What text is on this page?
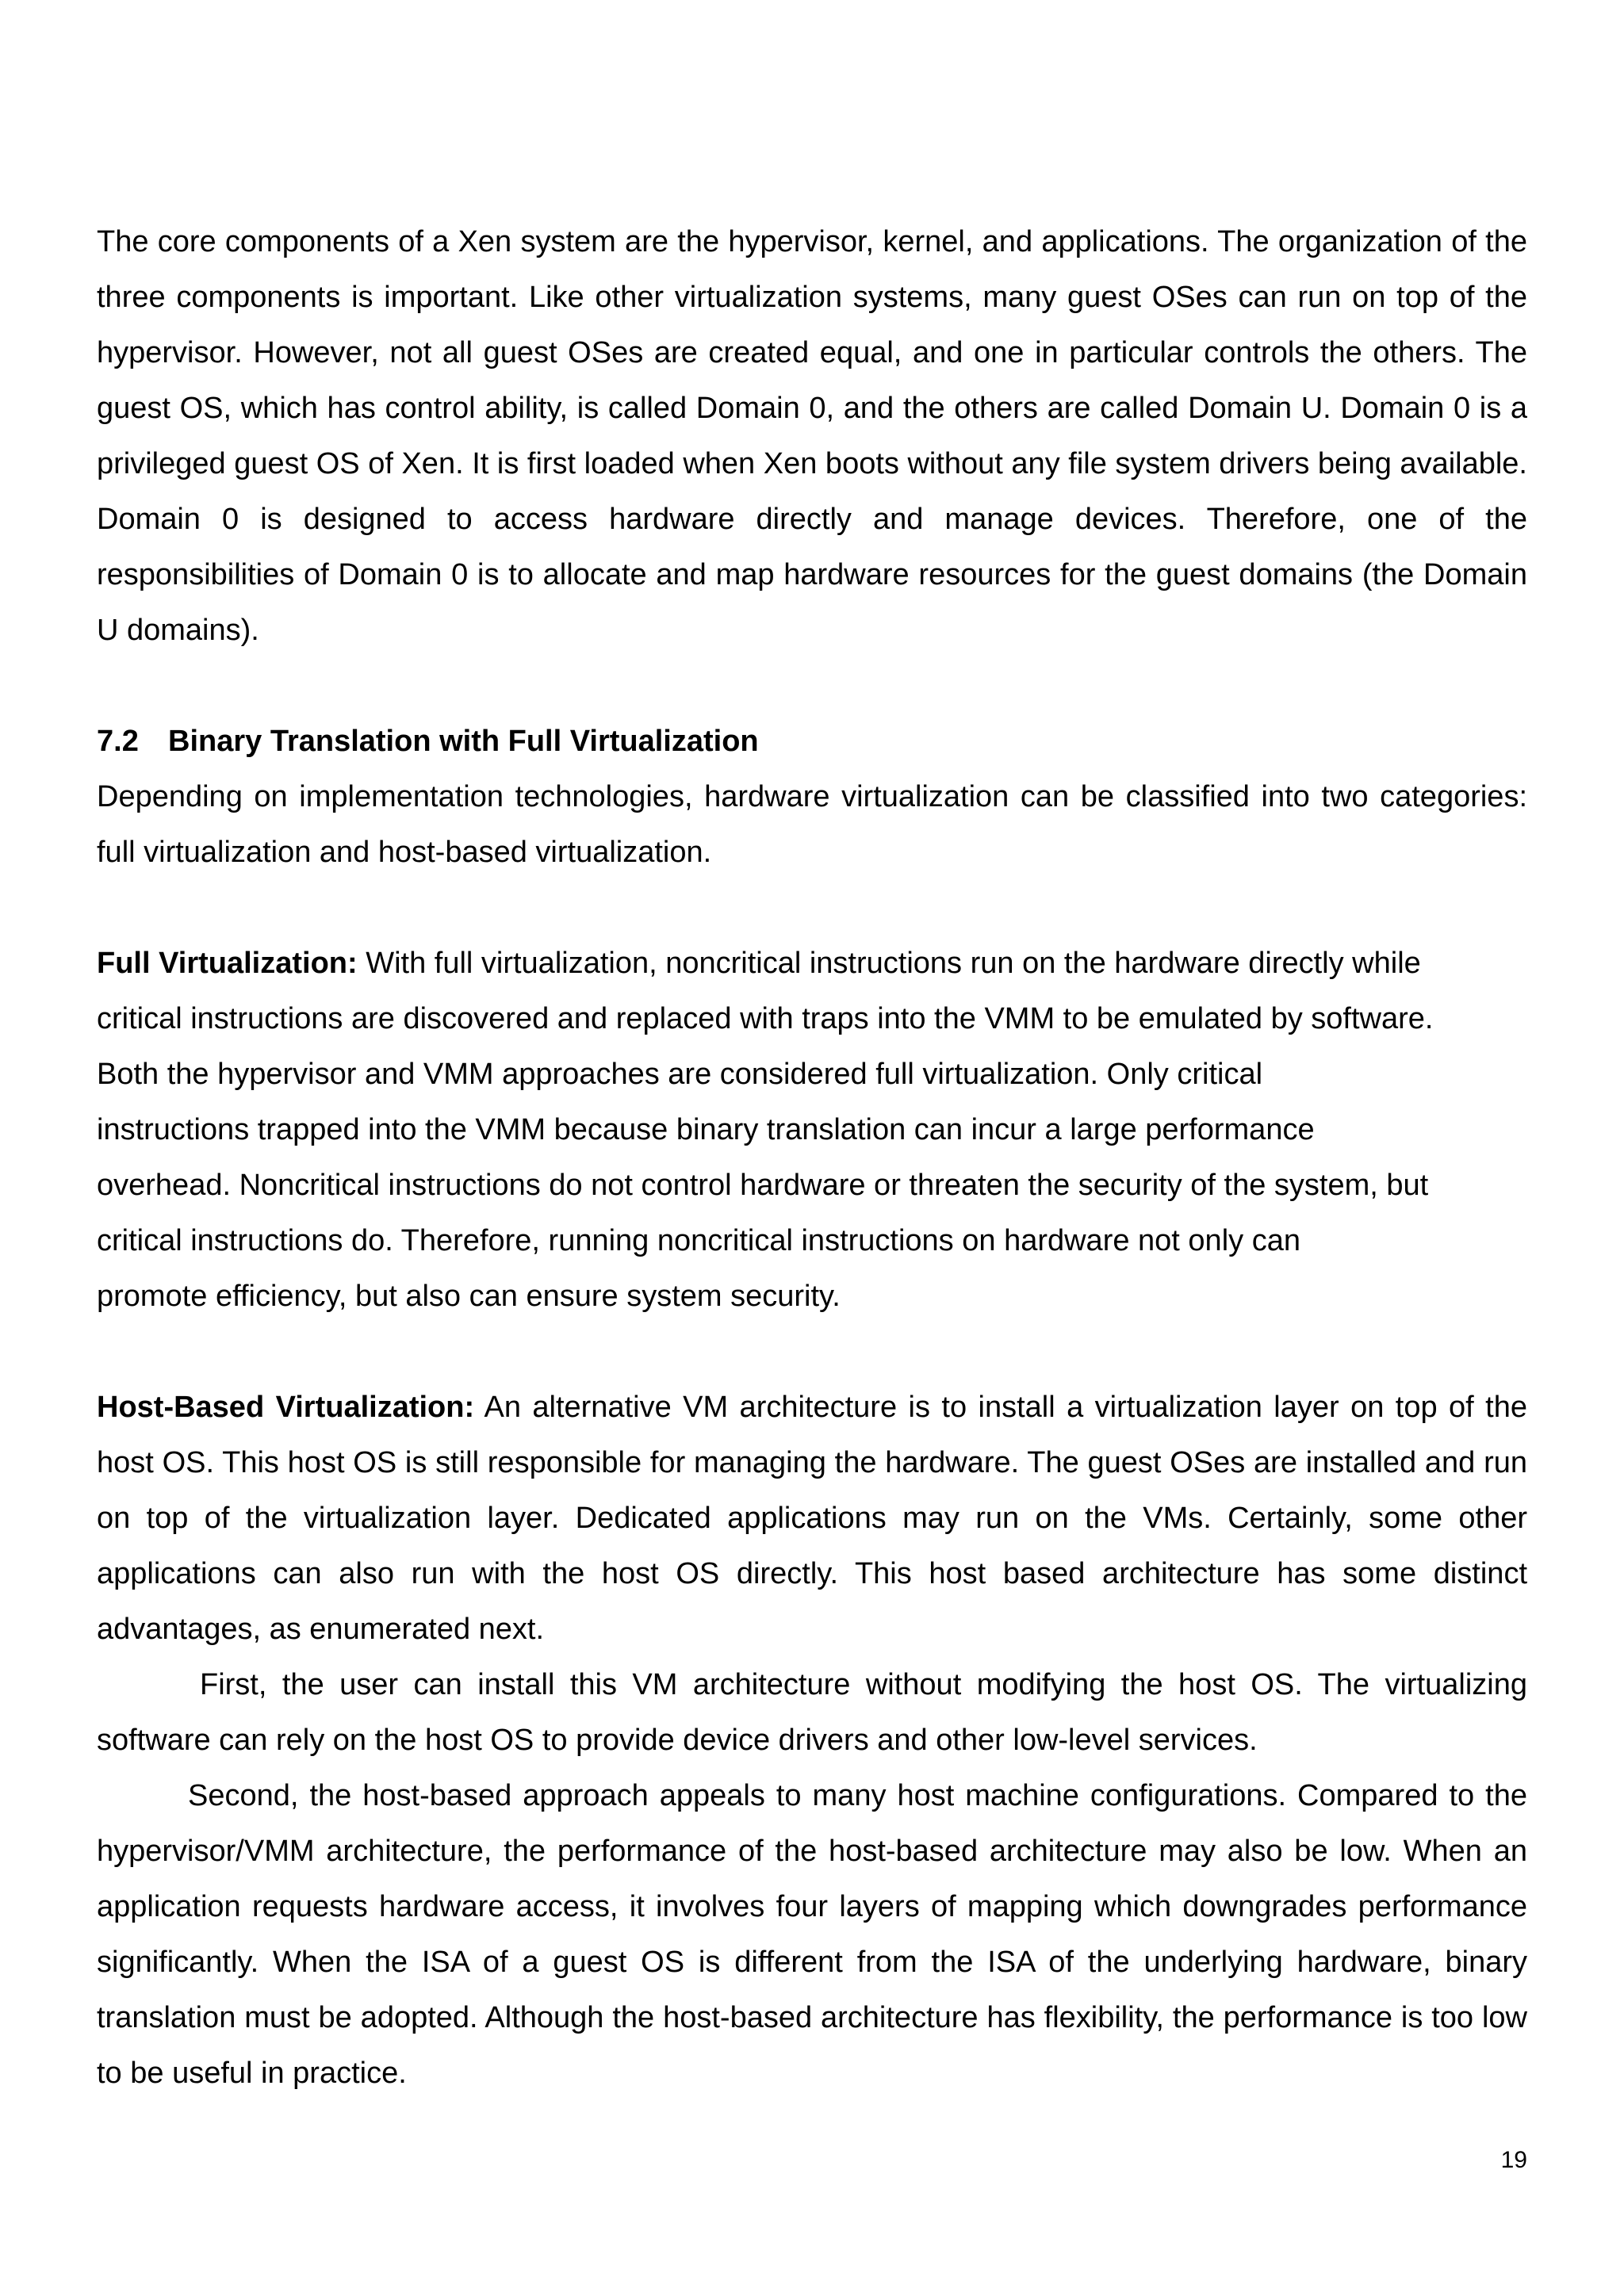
The core components of a Xen system are the hypervisor, kernel, and applications. The organization of the three components is important. Like other virtualization systems, many guest OSes can run on top of the hypervisor. However, not all guest OSes are created equal, and one in particular controls the others. The guest OS, which has control ability, is called Domain 0, and the others are called Domain U. Domain 0 is a privileged guest OS of Xen. It is first loaded when Xen boots without any file system drivers being available. Domain 0 is designed to access hardware directly and manage devices. Therefore, one of the responsibilities of Domain 0 is to allocate and map hardware resources for the guest domains (the Domain U domains).

7.2 Binary Translation with Full Virtualization

Depending on implementation technologies, hardware virtualization can be classified into two categories: full virtualization and host-based virtualization.

Full Virtualization: With full virtualization, noncritical instructions run on the hardware directly while
critical instructions are discovered and replaced with traps into the VMM to be emulated by software.
Both the hypervisor and VMM approaches are considered full virtualization. Only critical
instructions trapped into the VMM because binary translation can incur a large performance
overhead. Noncritical instructions do not control hardware or threaten the security of the system, but
critical instructions do. Therefore, running noncritical instructions on hardware not only can
promote efficiency, but also can ensure system security.

Host-Based Virtualization: An alternative VM architecture is to install a virtualization layer on top of the host OS. This host OS is still responsible for managing the hardware. The guest OSes are installed and run on top of the virtualization layer. Dedicated applications may run on the VMs. Certainly, some other applications can also run with the host OS directly. This host based architecture has some distinct advantages, as enumerated next.

First, the user can install this VM architecture without modifying the host OS. The virtualizing software can rely on the host OS to provide device drivers and other low-level services.

Second, the host-based approach appeals to many host machine configurations. Compared to the hypervisor/VMM architecture, the performance of the host-based architecture may also be low. When an application requests hardware access, it involves four layers of mapping which downgrades performance significantly. When the ISA of a guest OS is different from the ISA of the underlying hardware, binary translation must be adopted. Although the host-based architecture has flexibility, the performance is too low to be useful in practice.

19
